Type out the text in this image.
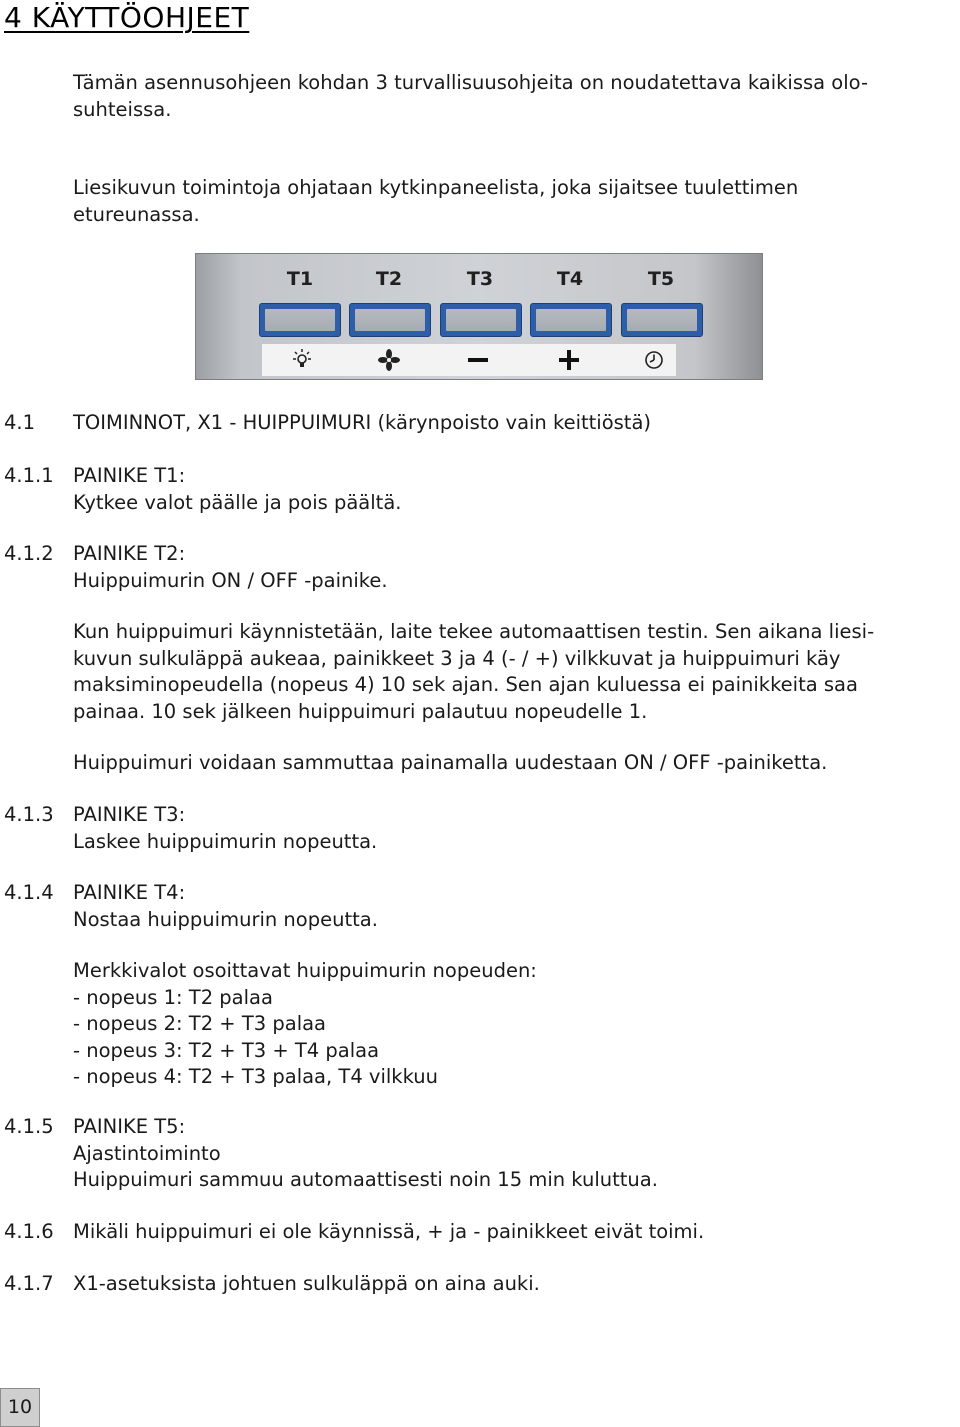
4 KÄYTTÖOHJEET
Tämän asennusohjeen kohdan 3 turvallisuusohjeita on noudatettava kaikissa olo-
suhteissa.
Liesikuvun toimintoja ohjataan kytkinpaneelista, joka sijaitsee tuulettimen
etureunassa.
T1	T2	T3	T4	T5
4.1 TOIMINNOT, X1 - HUIPPUIMURI (kärynpoisto vain keittiöstä)
4.1.1 PAINIKE T1:
Kytkee valot päälle ja pois päältä.
4.1.2 PAINIKE T2:
Huippuimurin ON / OFF -painike.
Kun huippuimuri käynnistetään, laite tekee automaattisen testin. Sen aikana liesi-
kuvun sulkuläppä aukeaa, painikkeet 3 ja 4 (- / +) vilkkuvat ja huippuimuri käy
maksiminopeudella (nopeus 4) 10 sek ajan. Sen ajan kuluessa ei painikkeita saa
painaa. 10 sek jälkeen huippuimuri palautuu nopeudelle 1.
Huippuimuri voidaan sammuttaa painamalla uudestaan ON / OFF -painiketta.
4.1.3 PAINIKE T3:
Laskee huippuimurin nopeutta.
4.1.4 PAINIKE T4:
Nostaa huippuimurin nopeutta.
Merkkivalot osoittavat huippuimurin nopeuden:
- nopeus 1: T2 palaa
- nopeus 2: T2 + T3 palaa
- nopeus 3: T2 + T3 + T4 palaa
- nopeus 4: T2 + T3 palaa, T4 vilkkuu
4.1.5 PAINIKE T5:
Ajastintoiminto
Huippuimuri sammuu automaattisesti noin 15 min kuluttua.
4.1.6 Mikäli huippuimuri ei ole käynnissä, + ja - painikkeet eivät toimi.
4.1.7 X1-asetuksista johtuen sulkuläppä on aina auki.
10
